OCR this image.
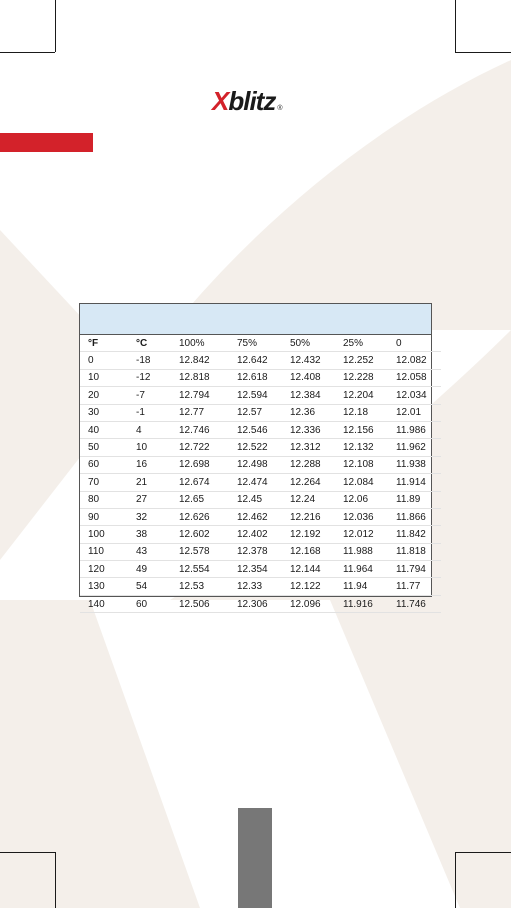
X blitz ®
°F	°C	100%	75%	50%	25%	0
0	-18	12.842	12.642	12.432	12.252	12.082
10	-12	12.818	12.618	12.408	12.228	12.058
20	-7	12.794	12.594	12.384	12.204	12.034
30	-1	12.77	12.57	12.36	12.18	12.01
40	4	12.746	12.546	12.336	12.156	11.986
50	10	12.722	12.522	12.312	12.132	11.962
60	16	12.698	12.498	12.288	12.108	11.938
70	21	12.674	12.474	12.264	12.084	11.914
80	27	12.65	12.45	12.24	12.06	11.89
90	32	12.626	12.462	12.216	12.036	11.866
100	38	12.602	12.402	12.192	12.012	11.842
110	43	12.578	12.378	12.168	11.988	11.818
120	49	12.554	12.354	12.144	11.964	11.794
130	54	12.53	12.33	12.122	11.94	11.77
140	60	12.506	12.306	12.096	11.916	11.746
